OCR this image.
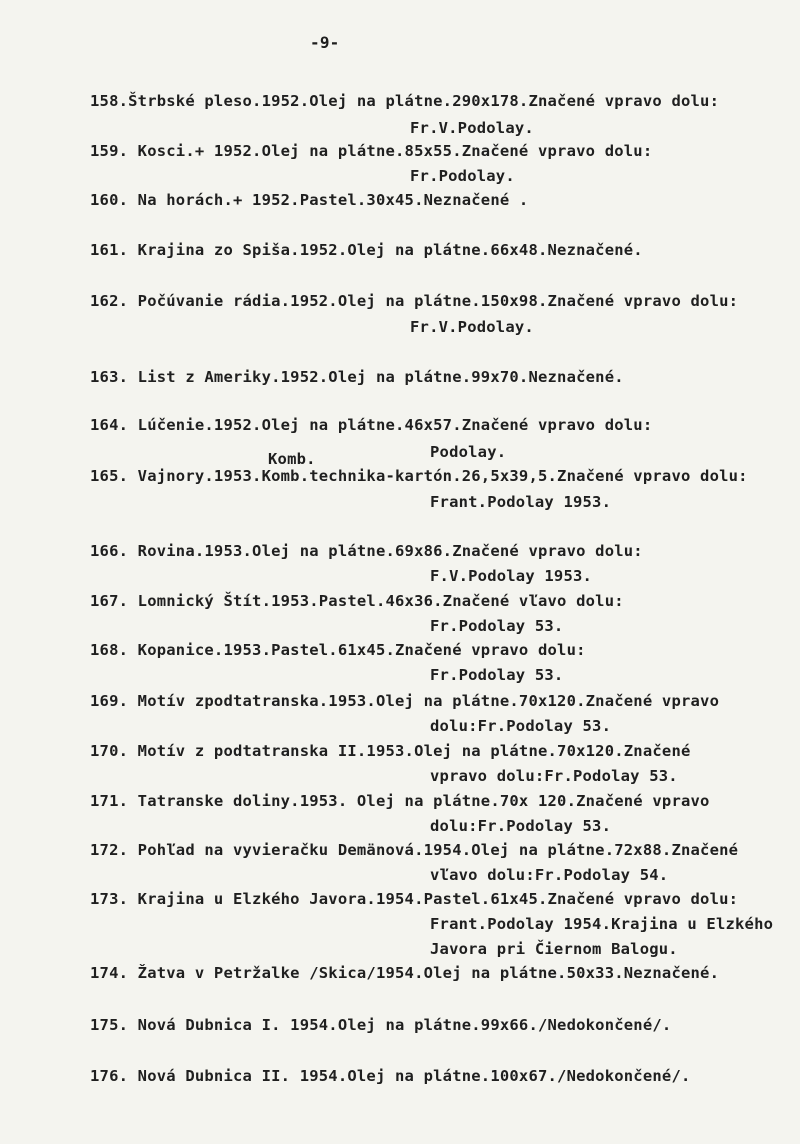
-9-
158.Štrbské pleso.1952.Olej na plátne.290x178.Značené vpravo dolu:
Fr.V.Podolay.
159. Kosci.+ 1952.Olej na plátne.85x55.Značené vpravo dolu:
Fr.Podolay.
160. Na horách.+ 1952.Pastel.30x45.Neznačené .
161. Krajina zo Spiša.1952.Olej na plátne.66x48.Neznačené.
162. Počúvanie rádia.1952.Olej na plátne.150x98.Značené vpravo dolu:
Fr.V.Podolay.
163. List z Ameriky.1952.Olej na plátne.99x70.Neznačené.
164. Lúčenie.1952.Olej na plátne.46x57.Značené vpravo dolu:
Podolay.
Komb.
165. Vajnory.1953.Komb.technika-kartón.26,5x39,5.Značené vpravo dolu:
Frant.Podolay 1953.
166. Rovina.1953.Olej na plátne.69x86.Značené vpravo dolu:
F.V.Podolay 1953.
167. Lomnický Štít.1953.Pastel.46x36.Značené vľavo dolu:
Fr.Podolay 53.
168. Kopanice.1953.Pastel.61x45.Značené vpravo dolu:
Fr.Podolay 53.
169. Motív zpodtatranska.1953.Olej na plátne.70x120.Značené vpravo
dolu:Fr.Podolay 53.
170. Motív z podtatranska II.1953.Olej na plátne.70x120.Značené
vpravo dolu:Fr.Podolay 53.
171. Tatranske doliny.1953. Olej na plátne.70x 120.Značené vpravo
dolu:Fr.Podolay 53.
172. Pohľad na vyvieračku Demänová.1954.Olej na plátne.72x88.Značené
vľavo dolu:Fr.Podolay 54.
173. Krajina u Elzkého Javora.1954.Pastel.61x45.Značené vpravo dolu:
Frant.Podolay 1954.Krajina u Elzkého
Javora pri Čiernom Balogu.
174. Žatva v Petržalke /Skica/1954.Olej na plátne.50x33.Neznačené.
175. Nová Dubnica I. 1954.Olej na plátne.99x66./Nedokončené/.
176. Nová Dubnica II. 1954.Olej na plátne.100x67./Nedokončené/.
